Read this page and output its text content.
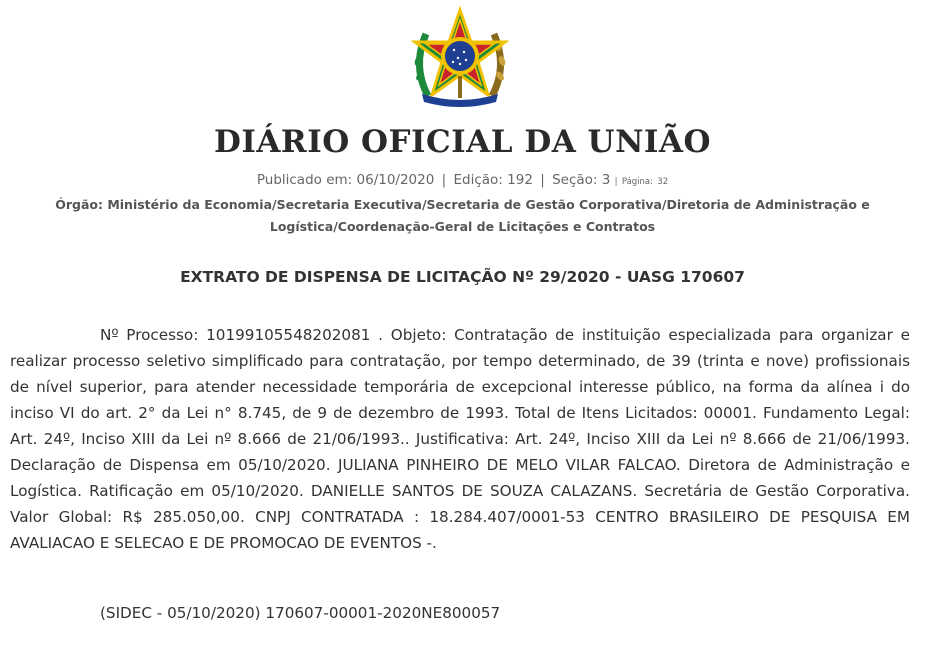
DIÁRIO OFICIAL DA UNIÃO
Publicado em: 06/10/2020 | Edição: 192 | Seção: 3 | Página: 32
Órgão: Ministério da Economia/Secretaria Executiva/Secretaria de Gestão Corporativa/Diretoria de Administração e Logística/Coordenação-Geral de Licitações e Contratos
EXTRATO DE DISPENSA DE LICITAÇÃO Nº 29/2020 - UASG 170607

Nº Processo: 10199105548202081 . Objeto: Contratação de instituição especializada para organizar e realizar processo seletivo simplificado para contratação, por tempo determinado, de 39 (trinta e nove) profissionais de nível superior, para atender necessidade temporária de excepcional interesse público, na forma da alínea i do inciso VI do art. 2° da Lei n° 8.745, de 9 de dezembro de 1993. Total de Itens Licitados: 00001. Fundamento Legal: Art. 24º, Inciso XIII da Lei nº 8.666 de 21/06/1993.. Justificativa: Art. 24º, Inciso XIII da Lei nº 8.666 de 21/06/1993. Declaração de Dispensa em 05/10/2020. JULIANA PINHEIRO DE MELO VILAR FALCAO. Diretora de Administração e Logística. Ratificação em 05/10/2020. DANIELLE SANTOS DE SOUZA CALAZANS. Secretária de Gestão Corporativa. Valor Global: R$ 285.050,00. CNPJ CONTRATADA : 18.284.407/0001-53 CENTRO BRASILEIRO DE PESQUISA EM AVALIACAO E SELECAO E DE PROMOCAO DE EVENTOS -.

(SIDEC - 05/10/2020) 170607-00001-2020NE800057
